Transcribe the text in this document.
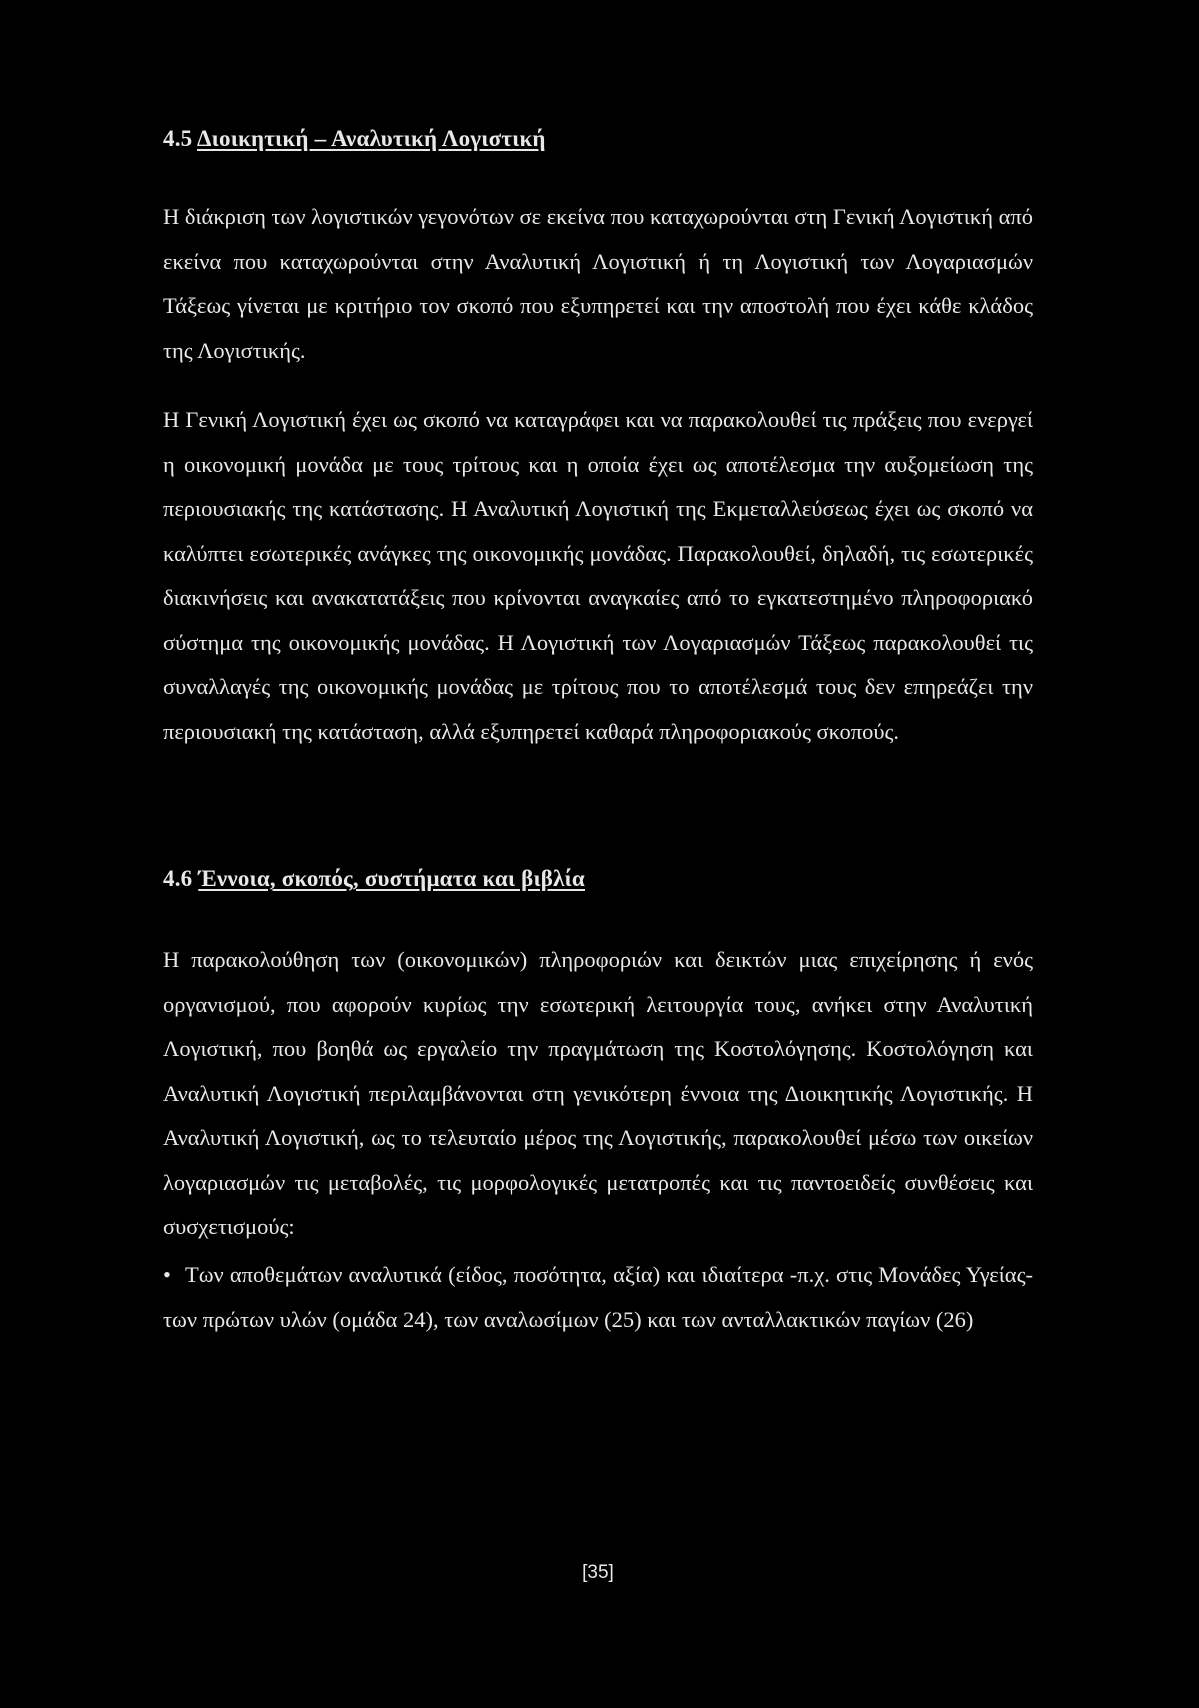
4.5 Διοικητική – Αναλυτική Λογιστική

Η διάκριση των λογιστικών γεγονότων σε εκείνα που καταχωρούνται στη Γενική Λογιστική από εκείνα που καταχωρούνται στην Αναλυτική Λογιστική ή τη Λογιστική των Λογαριασμών Τάξεως γίνεται με κριτήριο τον σκοπό που εξυπηρετεί και την αποστολή που έχει κάθε κλάδος της Λογιστικής.

Η Γενική Λογιστική έχει ως σκοπό να καταγράφει και να παρακολουθεί τις πράξεις που ενεργεί η οικονομική μονάδα με τους τρίτους και η οποία έχει ως αποτέλεσμα την αυξομείωση της περιουσιακής της κατάστασης. Η Αναλυτική Λογιστική της Εκμεταλλεύσεως έχει ως σκοπό να καλύπτει εσωτερικές ανάγκες της οικονομικής μονάδας. Παρακολουθεί, δηλαδή, τις εσωτερικές διακινήσεις και ανακατατάξεις που κρίνονται αναγκαίες από το εγκατεστημένο πληροφοριακό σύστημα της οικονομικής μονάδας. Η Λογιστική των Λογαριασμών Τάξεως παρακολουθεί τις συναλλαγές της οικονομικής μονάδας με τρίτους που το αποτέλεσμά τους δεν επηρεάζει την περιουσιακή της κατάσταση, αλλά εξυπηρετεί καθαρά πληροφοριακούς σκοπούς.

4.6 Έννοια, σκοπός, συστήματα και βιβλία

Η παρακολούθηση των (οικονομικών) πληροφοριών και δεικτών μιας επιχείρησης ή ενός οργανισμού, που αφορούν κυρίως την εσωτερική λειτουργία τους, ανήκει στην Αναλυτική Λογιστική, που βοηθά ως εργαλείο την πραγμάτωση της Κοστολόγησης. Κοστολόγηση και Αναλυτική Λογιστική περιλαμβάνονται στη γενικότερη έννοια της Διοικητικής Λογιστικής. Η Αναλυτική Λογιστική, ως το τελευταίο μέρος της Λογιστικής, παρακολουθεί μέσω των οικείων λογαριασμών τις μεταβολές, τις μορφολογικές μετατροπές και τις παντοειδείς συνθέσεις και συσχετισμούς:

• Των αποθεμάτων αναλυτικά (είδος, ποσότητα, αξία) και ιδιαίτερα -π.χ. στις Μονάδες Υγείας- των πρώτων υλών (ομάδα 24), των αναλωσίμων (25) και των ανταλλακτικών παγίων (26)
[35]
